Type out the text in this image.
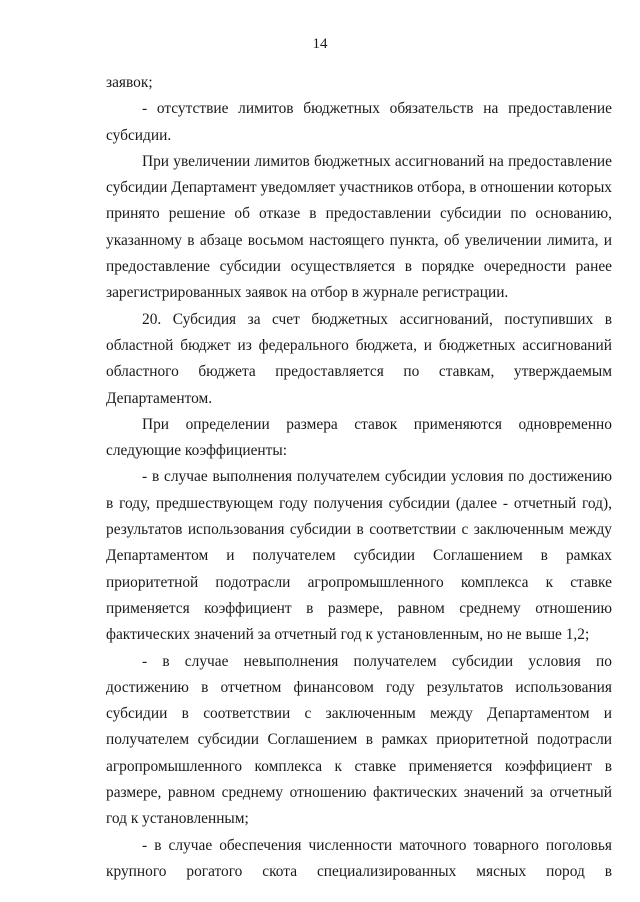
14

заявок;

- отсутствие лимитов бюджетных обязательств на предоставление субсидии.

При увеличении лимитов бюджетных ассигнований на предоставление субсидии Департамент уведомляет участников отбора, в отношении которых принято решение об отказе в предоставлении субсидии по основанию, указанному в абзаце восьмом настоящего пункта, об увеличении лимита, и предоставление субсидии осуществляется в порядке очередности ранее зарегистрированных заявок на отбор в журнале регистрации.

20. Субсидия за счет бюджетных ассигнований, поступивших в областной бюджет из федерального бюджета, и бюджетных ассигнований областного бюджета предоставляется по ставкам, утверждаемым Департаментом.

При определении размера ставок применяются одновременно следующие коэффициенты:

- в случае выполнения получателем субсидии условия по достижению в году, предшествующем году получения субсидии (далее - отчетный год), результатов использования субсидии в соответствии с заключенным между Департаментом и получателем субсидии Соглашением в рамках приоритетной подотрасли агропромышленного комплекса к ставке применяется коэффициент в размере, равном среднему отношению фактических значений за отчетный год к установленным, но не выше 1,2;

- в случае невыполнения получателем субсидии условия по достижению в отчетном финансовом году результатов использования субсидии в соответствии с заключенным между Департаментом и получателем субсидии Соглашением в рамках приоритетной подотрасли агропромышленного комплекса к ставке применяется коэффициент в размере, равном среднему отношению фактических значений за отчетный год к установленным;

- в случае обеспечения численности маточного товарного поголовья крупного рогатого скота специализированных мясных пород в
